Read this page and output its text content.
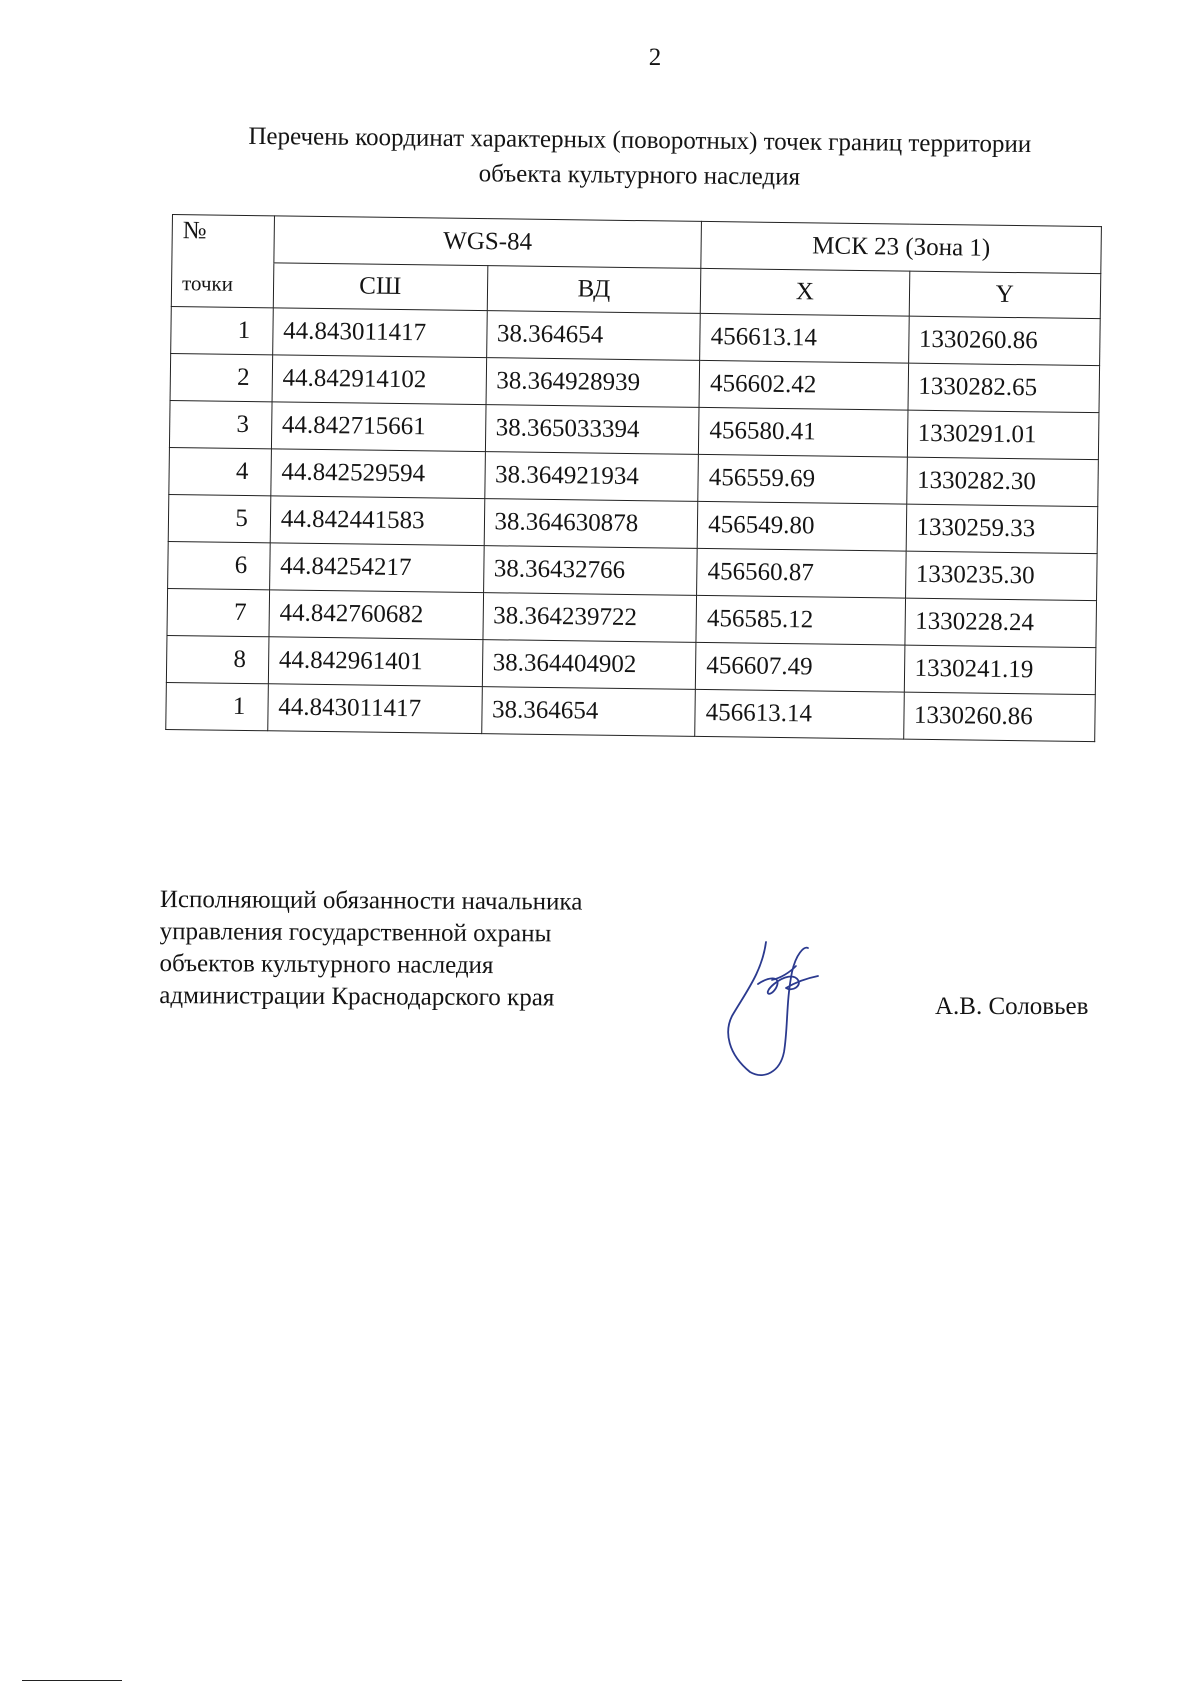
2
Перечень координат характерных (поворотных) точек границ территории
объекта культурного наследия
№	WGS-84		МСК 23 (Зона 1)	
точки	СШ	ВД	X	Y
1	44.843011417	38.364654	456613.14	1330260.86
2	44.842914102	38.364928939	456602.42	1330282.65
3	44.842715661	38.365033394	456580.41	1330291.01
4	44.842529594	38.364921934	456559.69	1330282.30
5	44.842441583	38.364630878	456549.80	1330259.33
6	44.84254217	38.36432766	456560.87	1330235.30
7	44.842760682	38.364239722	456585.12	1330228.24
8	44.842961401	38.364404902	456607.49	1330241.19
1	44.843011417	38.364654	456613.14	1330260.86
Исполняющий обязанности начальника
управления государственной охраны
объектов культурного наследия
администрации Краснодарского края	А.В. Соловьев
